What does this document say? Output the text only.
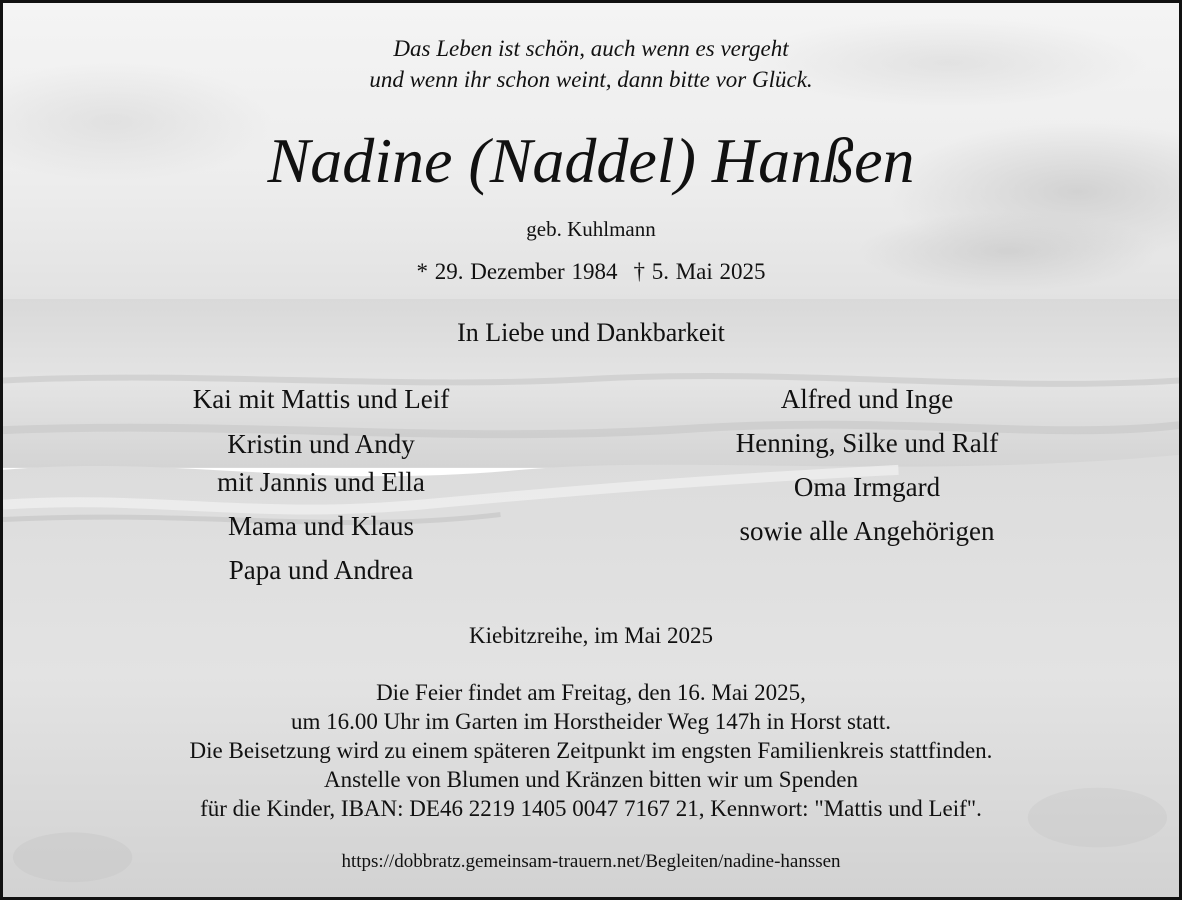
Das Leben ist schön, auch wenn es vergeht
und wenn ihr schon weint, dann bitte vor Glück.
Nadine (Naddel) Hanßen
geb. Kuhlmann
* 29. Dezember 1984 † 5. Mai 2025
In Liebe und Dankbarkeit

Kai mit Mattis und Leif

Kristin und Andy
mit Jannis und Ella

Mama und Klaus

Papa und Andrea

Alfred und Inge

Henning, Silke und Ralf

Oma Irmgard

sowie alle Angehörigen

Kiebitzreihe, im Mai 2025
Die Feier findet am Freitag, den 16. Mai 2025,
um 16.00 Uhr im Garten im Horstheider Weg 147h in Horst statt.
Die Beisetzung wird zu einem späteren Zeitpunkt im engsten Familienkreis stattfinden.
Anstelle von Blumen und Kränzen bitten wir um Spenden
für die Kinder, IBAN: DE46 2219 1405 0047 7167 21, Kennwort: "Mattis und Leif".
https://dobbratz.gemeinsam-trauern.net/Begleiten/nadine-hanssen
